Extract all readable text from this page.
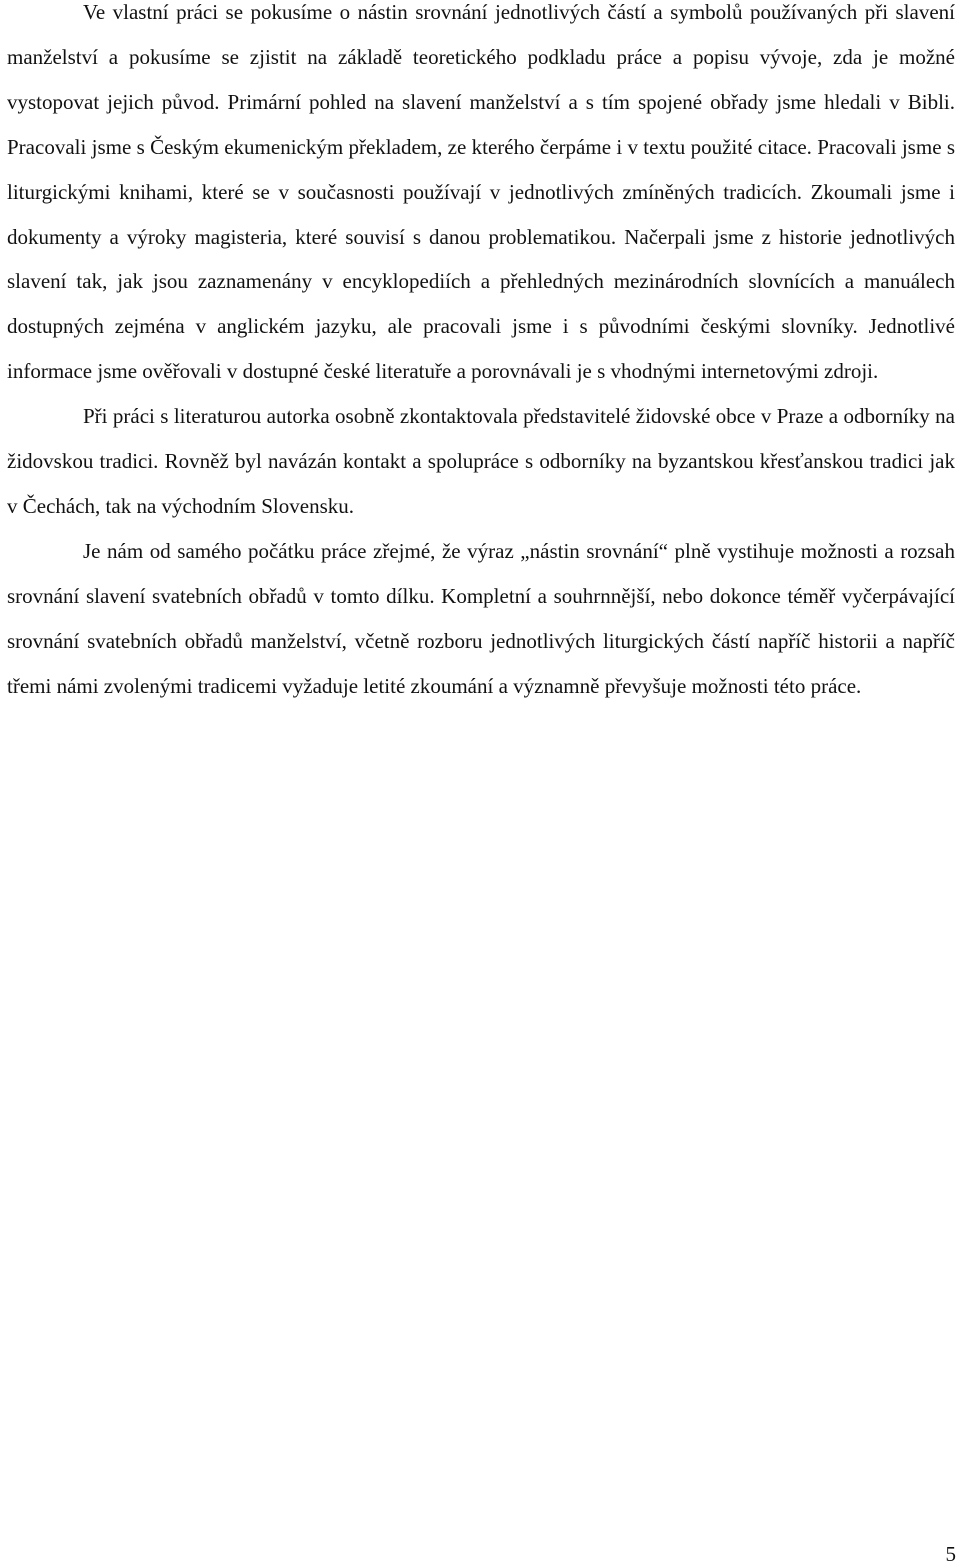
Ve vlastní práci se pokusíme o nástin srovnání jednotlivých částí a symbolů používaných při slavení manželství a pokusíme se zjistit na základě teoretického podkladu práce a popisu vývoje, zda je možné vystopovat jejich původ. Primární pohled na slavení manželství a s tím spojené obřady jsme hledali v Bibli. Pracovali jsme s Českým ekumenickým překladem, ze kterého čerpáme i v textu použité citace. Pracovali jsme s liturgickými knihami, které se v současnosti používají v jednotlivých zmíněných tradicích. Zkoumali jsme i dokumenty a výroky magisteria, které souvisí s danou problematikou. Načerpali jsme z historie jednotlivých slavení tak, jak jsou zaznamenány v encyklopediích a přehledných mezinárodních slovnících a manuálech dostupných zejména v anglickém jazyku, ale pracovali jsme i s původními českými slovníky. Jednotlivé informace jsme ověřovali v dostupné české literatuře a porovnávali je s vhodnými internetovými zdroji.

Při práci s literaturou autorka osobně zkontaktovala představitelé židovské obce v Praze a odborníky na židovskou tradici. Rovněž byl navázán kontakt a spolupráce s odborníky na byzantskou křesťanskou tradici jak v Čechách, tak na východním Slovensku.

Je nám od samého počátku práce zřejmé, že výraz „nástin srovnání“ plně vystihuje možnosti a rozsah srovnání slavení svatebních obřadů v tomto dílku. Kompletní a souhrnnější, nebo dokonce téměř vyčerpávající srovnání svatebních obřadů manželství, včetně rozboru jednotlivých liturgických částí napříč historii a napříč třemi námi zvolenými tradicemi vyžaduje letité zkoumání a významně převyšuje možnosti této práce.

5
